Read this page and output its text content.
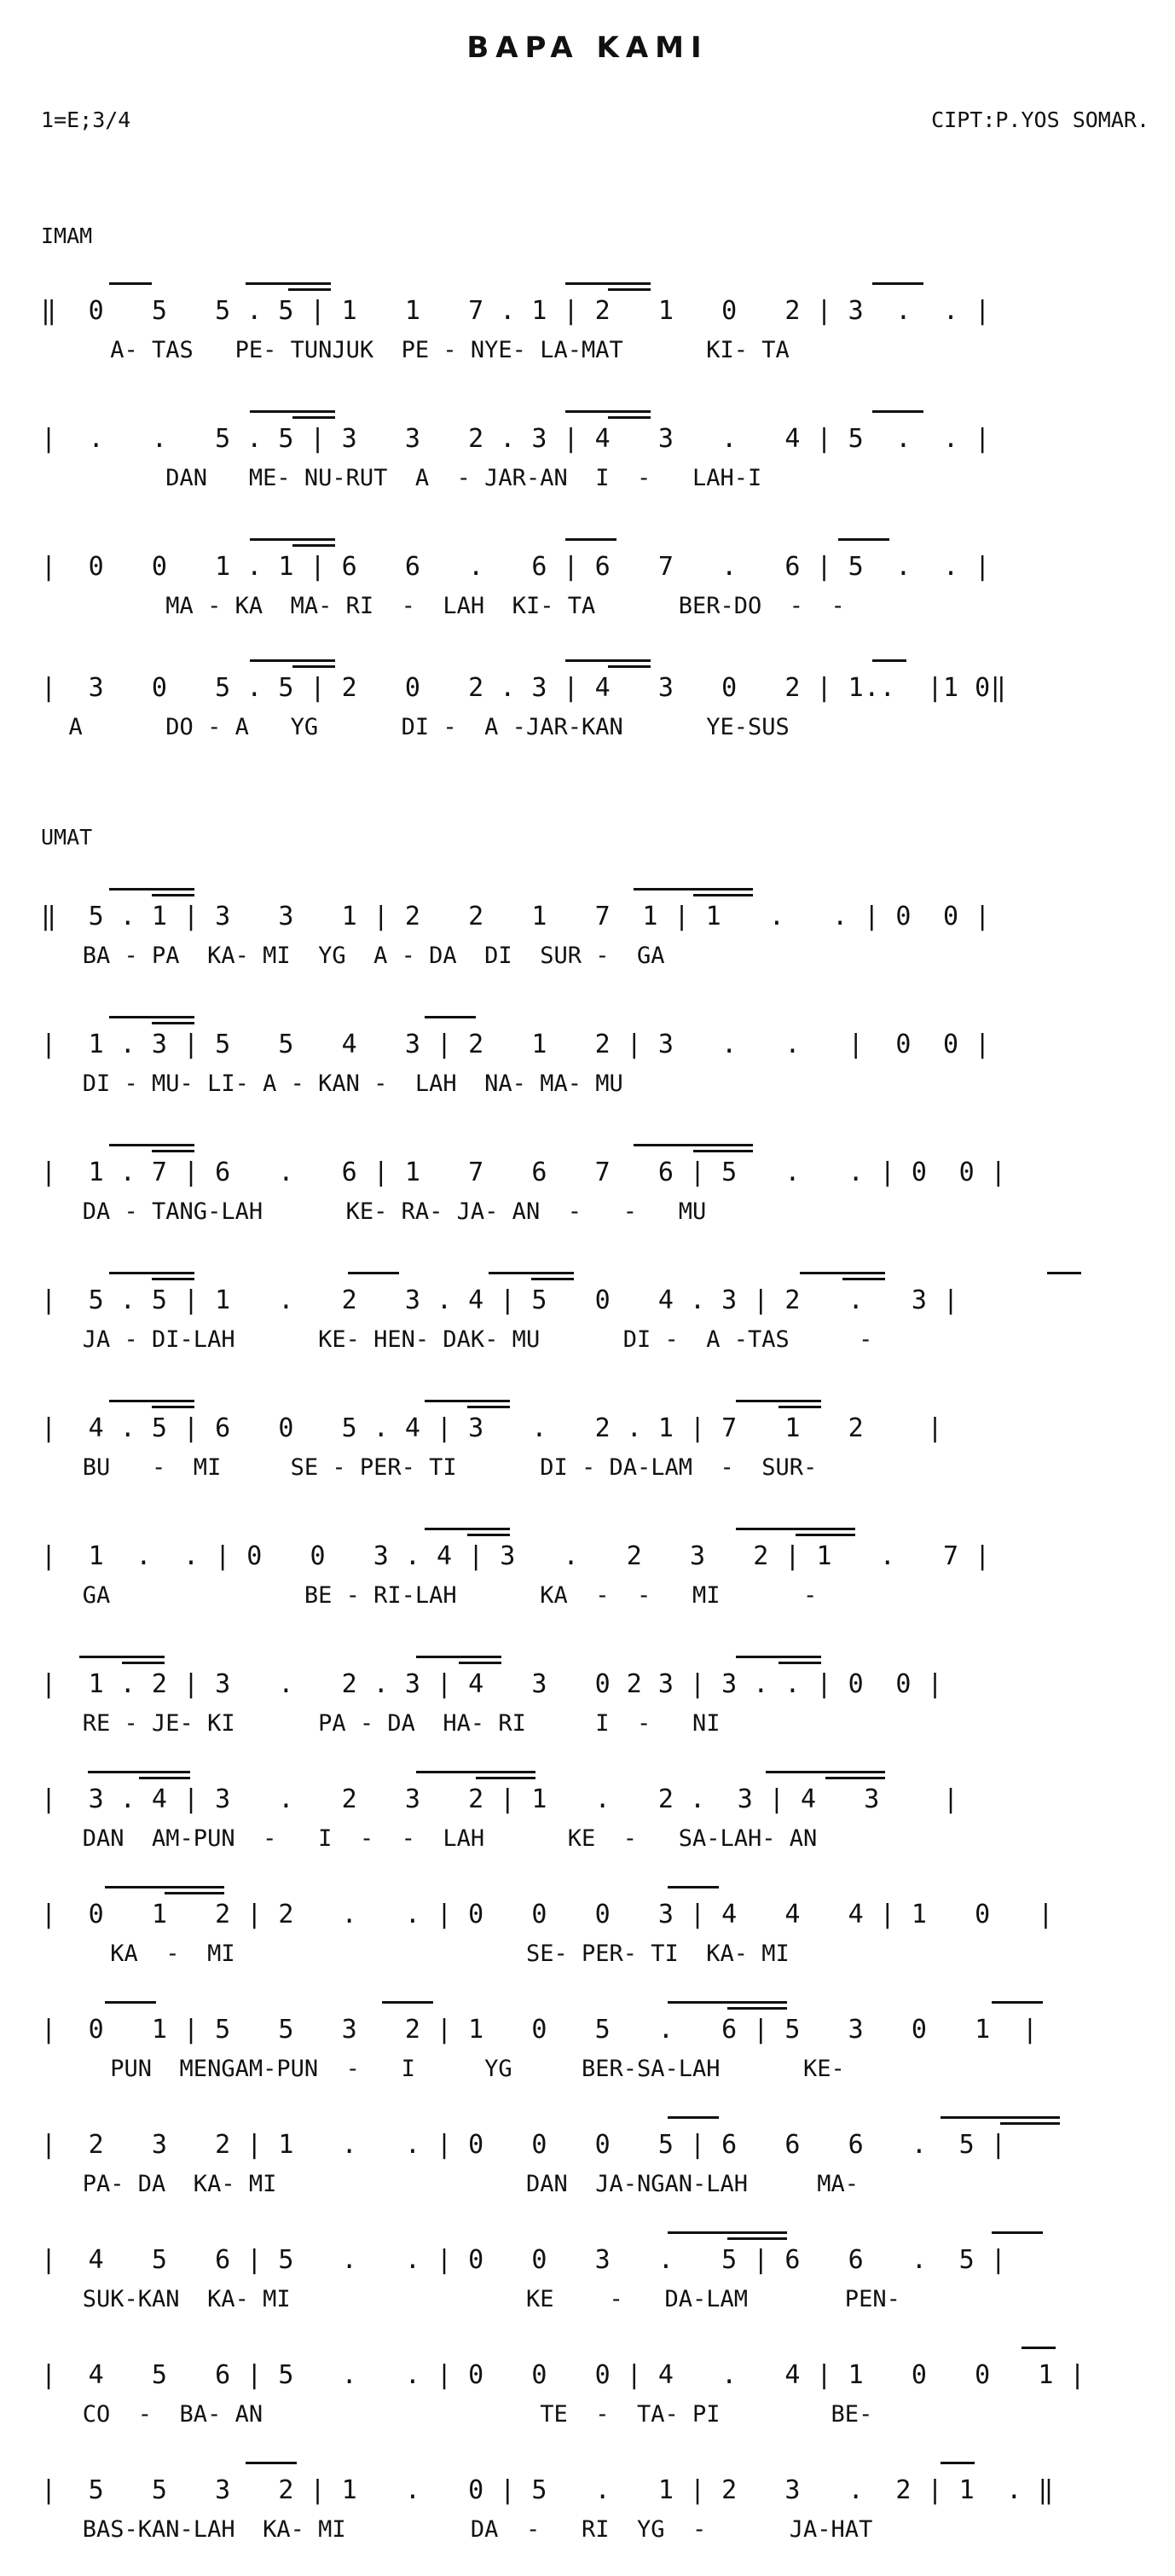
BAPA KAMI
1=E;3/4	CIPT:P.YOS SOMAR.
IMAM
‖  0   5   5 . 5 | 1   1   7 . 1 | 2   1   0   2 | 3  .  . |
A- TAS   PE- TUNJUK  PE - NYE- LA-MAT      KI- TA
|  .   .   5 . 5 | 3   3   2 . 3 | 4   3   .   4 | 5  .  . |
DAN   ME- NU-RUT  A  - JAR-AN  I  -   LAH-I
|  0   0   1 . 1 | 6   6   .   6 | 6   7   .   6 | 5  .  . |
MA - KA  MA- RI  -  LAH  KI- TA      BER-DO  -  -
|  3   0   5 . 5 | 2   0   2 . 3 | 4   3   0   2 | 1..  |1 0‖
A      DO - A   YG      DI -  A -JAR-KAN      YE-SUS
UMAT
‖  5 . 1 | 3   3   1 | 2   2   1   7  1 | 1   .   . | 0  0 |
BA - PA  KA- MI  YG  A - DA  DI  SUR -  GA
|  1 . 3 | 5   5   4   3 | 2   1   2 | 3   .   .   |  0  0 |
DI - MU- LI- A - KAN -  LAH  NA- MA- MU
|  1 . 7 | 6   .   6 | 1   7   6   7   6 | 5   .   . | 0  0 |
DA - TANG-LAH      KE- RA- JA- AN  -   -   MU
|  5 . 5 | 1   .   2   3 . 4 | 5   0   4 . 3 | 2   .   3 |
JA - DI-LAH      KE- HEN- DAK- MU      DI -  A -TAS     -
|  4 . 5 | 6   0   5 . 4 | 3   .   2 . 1 | 7   1   2    |
BU   -  MI     SE - PER- TI      DI - DA-LAM  -  SUR-
|  1  .  . | 0   0   3 . 4 | 3   .   2   3   2 | 1   .   7 |
GA              BE - RI-LAH      KA  -  -   MI      -
|  1 . 2 | 3   .   2 . 3 | 4   3   0 2 3 | 3 . . | 0  0 |
RE - JE- KI      PA - DA  HA- RI     I  -   NI
|  3 . 4 | 3   .   2   3   2 | 1   .   2 .  3 | 4   3    |
DAN  AM-PUN  -   I  -  -  LAH      KE  -   SA-LAH- AN
|  0   1   2 | 2   .   . | 0   0   0   3 | 4   4   4 | 1   0   |
KA  -  MI                     SE- PER- TI  KA- MI
|  0   1 | 5   5   3   2 | 1   0   5   .   6 | 5   3   0   1  |
PUN  MENGAM-PUN  -   I     YG     BER-SA-LAH      KE-
|  2   3   2 | 1   .   . | 0   0   0   5 | 6   6   6   .  5 |
PA- DA  KA- MI                  DAN  JA-NGAN-LAH     MA-
|  4   5   6 | 5   .   . | 0   0   3   .   5 | 6   6   .  5 |
SUK-KAN  KA- MI                 KE    -   DA-LAM       PEN-
|  4   5   6 | 5   .   . | 0   0   0 | 4   .   4 | 1   0   0   1 |
CO  -  BA- AN                    TE  -  TA- PI        BE-
|  5   5   3   2 | 1   .   0 | 5   .   1 | 2   3   .  2 | 1  . ‖
BAS-KAN-LAH  KA- MI         DA  -   RI  YG  -      JA-HAT
